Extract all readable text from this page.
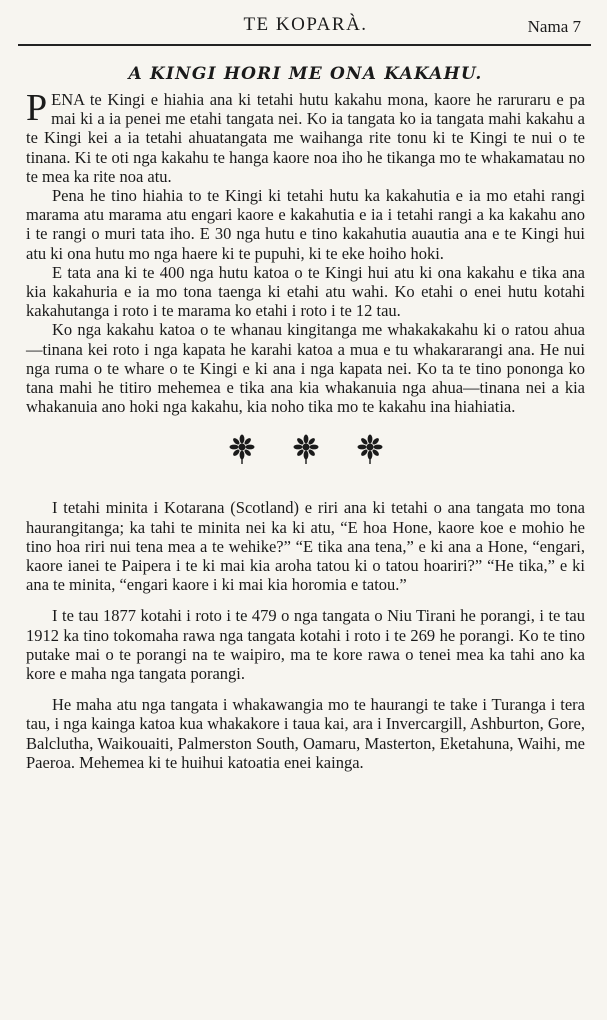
TE KOPARÀ.	Nama 7
A KINGI HORI ME ONA KAKAHU.

PENA te Kingi e hiahia ana ki tetahi hutu kakahu mona, kaore he raruraru e pa mai ki a ia penei me etahi tangata nei. Ko ia tangata ko ia tangata mahi kakahu a te Kingi kei a ia tetahi ahuatangata me waihanga rite tonu ki te Kingi te nui o te tinana. Ki te oti nga kakahu te hanga kaore noa iho he tikanga mo te whakamatau no te mea ka rite noa atu.

Pena he tino hiahia to te Kingi ki tetahi hutu ka kakahutia e ia mo etahi rangi marama atu marama atu engari kaore e kakahutia e ia i tetahi rangi a ka kakahu ano i te rangi o muri tata iho. E 30 nga hutu e tino kakahutia auautia ana e te Kingi hui atu ki ona hutu mo nga haere ki te pupuhi, ki te eke hoiho hoki.

E tata ana ki te 400 nga hutu katoa o te Kingi hui atu ki ona kakahu e tika ana kia kakahuria e ia mo tona taenga ki etahi atu wahi. Ko etahi o enei hutu kotahi kakahutanga i roto i te marama ko etahi i roto i te 12 tau.

Ko nga kakahu katoa o te whanau kingitanga me whakakakahu ki o ratou ahua—tinana kei roto i nga kapata he karahi katoa a mua e tu whakararangi ana. He nui nga ruma o te whare o te Kingi e ki ana i nga kapata nei. Ko ta te tino pononga ko tana mahi he titiro mehemea e tika ana kia whakanuia nga ahua—tinana nei a kia whakanuia ano hoki nga kakahu, kia noho tika mo te kakahu ina hiahiatia.

I tetahi minita i Kotarana (Scotland) e riri ana ki tetahi o ana tangata mo tona haurangitanga; ka tahi te minita nei ka ki atu, “E hoa Hone, kaore koe e mohio he tino hoa riri nui tena mea a te wehike?” “E tika ana tena,” e ki ana a Hone, “engari, kaore ianei te Paipera i te ki mai kia aroha tatou ki o tatou hoariri?” “He tika,” e ki ana te minita, “engari kaore i ki mai kia horomia e tatou.”

I te tau 1877 kotahi i roto i te 479 o nga tangata o Niu Tirani he porangi, i te tau 1912 ka tino tokomaha rawa nga tangata kotahi i roto i te 269 he porangi. Ko te tino putake mai o te porangi na te waipiro, ma te kore rawa o tenei mea ka tahi ano ka kore e maha nga tangata porangi.

He maha atu nga tangata i whakawangia mo te haurangi te take i Turanga i tera tau, i nga kainga katoa kua whakakore i taua kai, ara i Invercargill, Ashburton, Gore, Balclutha, Waikouaiti, Palmerston South, Oamaru, Masterton, Eketahuna, Waihi, me Paeroa. Mehemea ki te huihui katoatia enei kainga.
